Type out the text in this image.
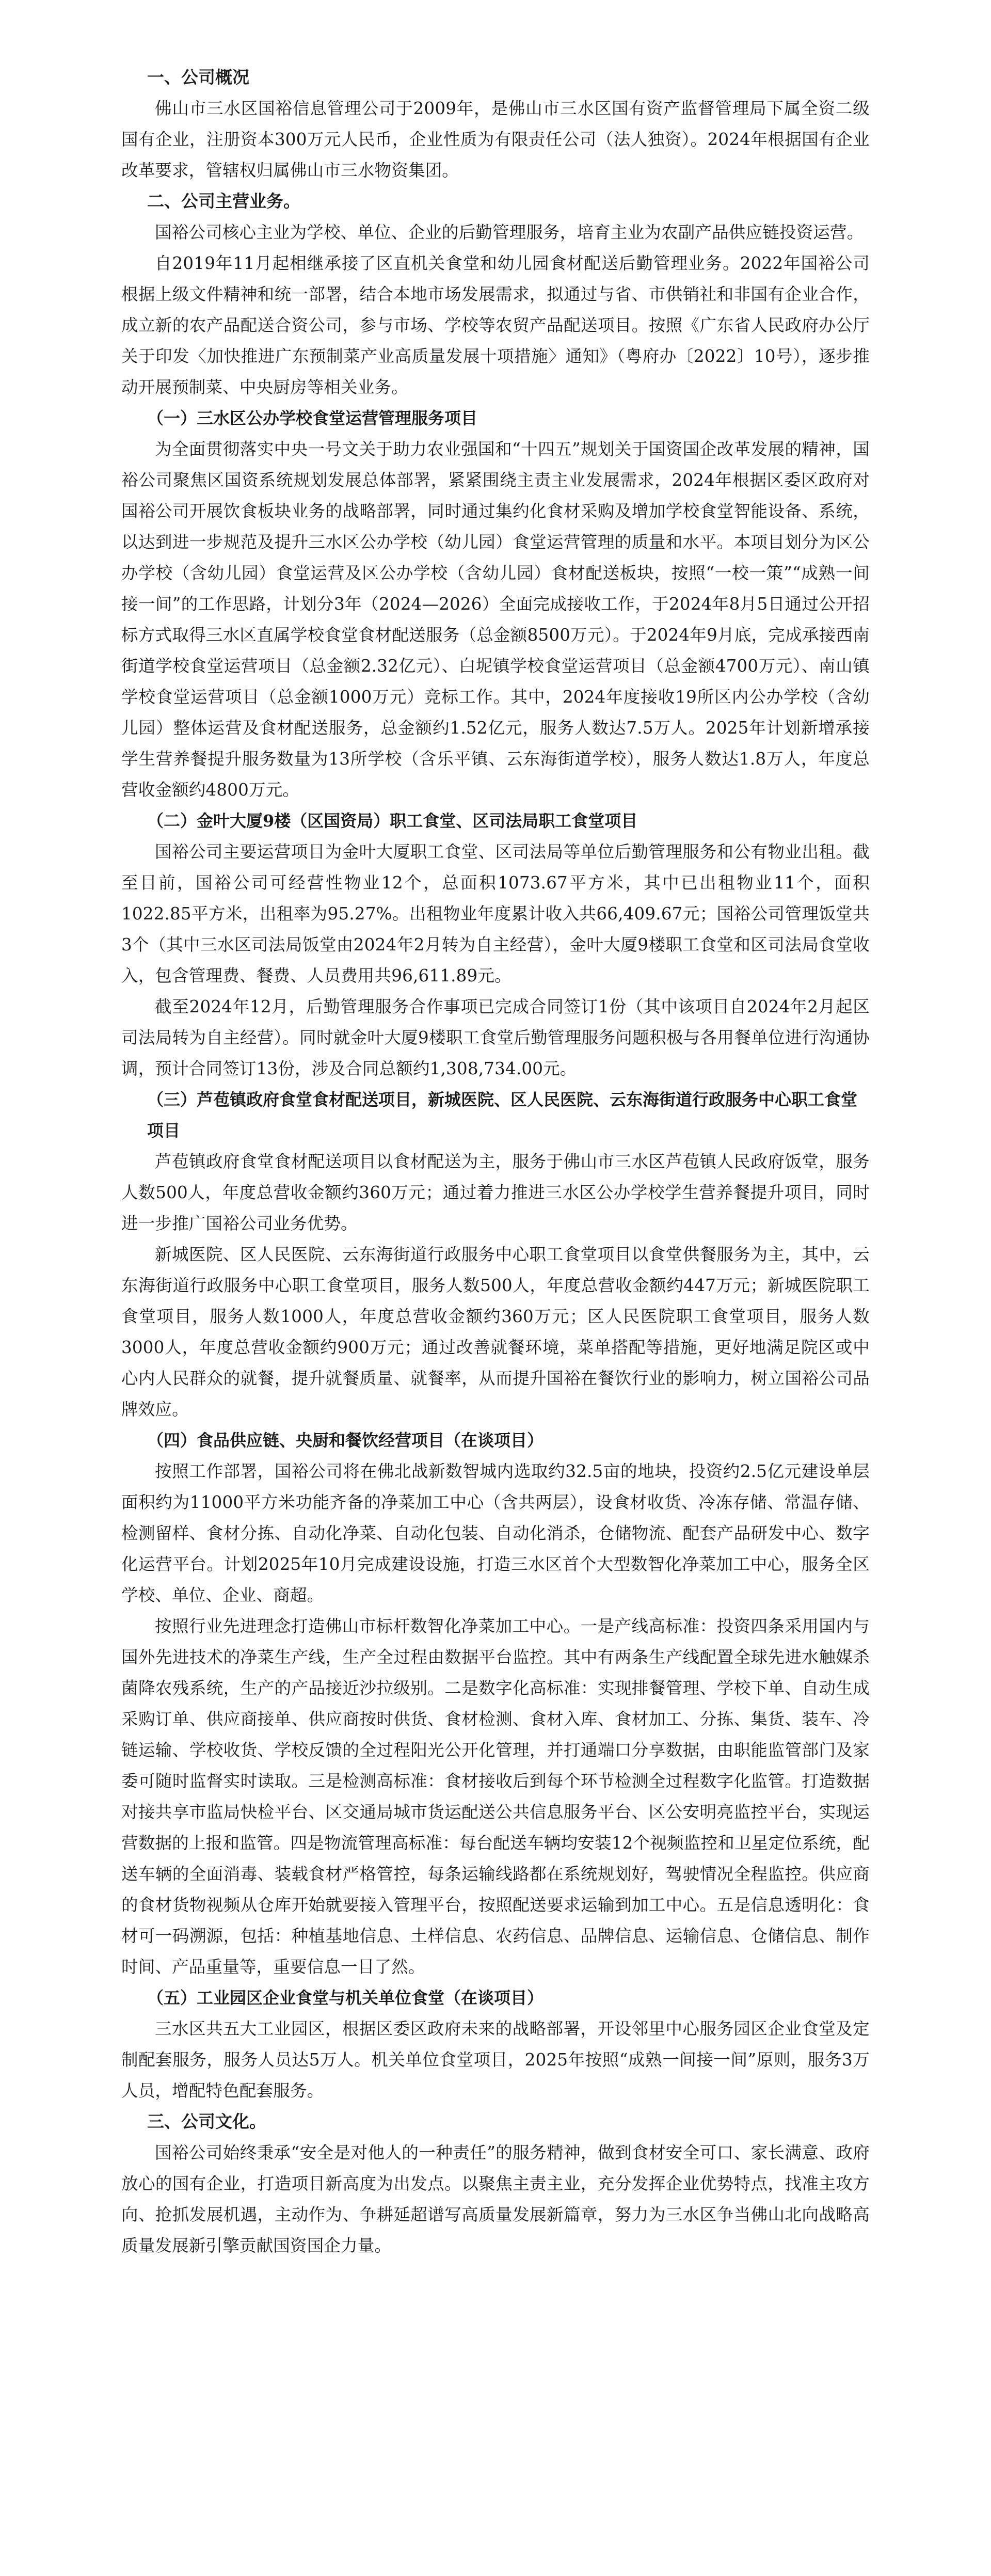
一、公司概况

佛山市三水区国裕信息管理公司于2009年，是佛山市三水区国有资产监督管理局下属全资二级国有企业，注册资本300万元人民币，企业性质为有限责任公司（法人独资）。2024年根据国有企业改革要求，管辖权归属佛山市三水物资集团。

二、公司主营业务。

国裕公司核心主业为学校、单位、企业的后勤管理服务，培育主业为农副产品供应链投资运营。

自2019年11月起相继承接了区直机关食堂和幼儿园食材配送后勤管理业务。2022年国裕公司根据上级文件精神和统一部署，结合本地市场发展需求，拟通过与省、市供销社和非国有企业合作，成立新的农产品配送合资公司，参与市场、学校等农贸产品配送项目。按照《广东省人民政府办公厅关于印发〈加快推进广东预制菜产业高质量发展十项措施〉通知》（粤府办〔2022〕10号），逐步推动开展预制菜、中央厨房等相关业务。

（一）三水区公办学校食堂运营管理服务项目

为全面贯彻落实中央一号文关于助力农业强国和“十四五”规划关于国资国企改革发展的精神，国裕公司聚焦区国资系统规划发展总体部署，紧紧围绕主责主业发展需求，2024年根据区委区政府对国裕公司开展饮食板块业务的战略部署，同时通过集约化食材采购及增加学校食堂智能设备、系统，以达到进一步规范及提升三水区公办学校（幼儿园）食堂运营管理的质量和水平。本项目划分为区公办学校（含幼儿园）食堂运营及区公办学校（含幼儿园）食材配送板块，按照“一校一策”“成熟一间接一间”的工作思路，计划分3年（2024—2026）全面完成接收工作，于2024年8月5日通过公开招标方式取得三水区直属学校食堂食材配送服务（总金额8500万元）。于2024年9月底，完成承接西南街道学校食堂运营项目（总金额2.32亿元）、白坭镇学校食堂运营项目（总金额4700万元）、南山镇学校食堂运营项目（总金额1000万元）竞标工作。其中，2024年度接收19所区内公办学校（含幼儿园）整体运营及食材配送服务，总金额约1.52亿元，服务人数达7.5万人。2025年计划新增承接学生营养餐提升服务数量为13所学校（含乐平镇、云东海街道学校），服务人数达1.8万人，年度总营收金额约4800万元。

（二）金叶大厦9楼（区国资局）职工食堂、区司法局职工食堂项目

国裕公司主要运营项目为金叶大厦职工食堂、区司法局等单位后勤管理服务和公有物业出租。截至目前，国裕公司可经营性物业12个，总面积1073.67平方米，其中已出租物业11个，面积1022.85平方米，出租率为95.27%。出租物业年度累计收入共66,409.67元；国裕公司管理饭堂共3个（其中三水区司法局饭堂由2024年2月转为自主经营），金叶大厦9楼职工食堂和区司法局食堂收入，包含管理费、餐费、人员费用共96,611.89元。

截至2024年12月，后勤管理服务合作事项已完成合同签订1份（其中该项目自2024年2月起区司法局转为自主经营）。同时就金叶大厦9楼职工食堂后勤管理服务问题积极与各用餐单位进行沟通协调，预计合同签订13份，涉及合同总额约1,308,734.00元。

（三）芦苞镇政府食堂食材配送项目，新城医院、区人民医院、云东海街道行政服务中心职工食堂项目

芦苞镇政府食堂食材配送项目以食材配送为主，服务于佛山市三水区芦苞镇人民政府饭堂，服务人数500人，年度总营收金额约360万元；通过着力推进三水区公办学校学生营养餐提升项目，同时进一步推广国裕公司业务优势。

新城医院、区人民医院、云东海街道行政服务中心职工食堂项目以食堂供餐服务为主，其中，云东海街道行政服务中心职工食堂项目，服务人数500人，年度总营收金额约447万元；新城医院职工食堂项目，服务人数1000人，年度总营收金额约360万元；区人民医院职工食堂项目，服务人数3000人，年度总营收金额约900万元；通过改善就餐环境，菜单搭配等措施，更好地满足院区或中心内人民群众的就餐，提升就餐质量、就餐率，从而提升国裕在餐饮行业的影响力，树立国裕公司品牌效应。

（四）食品供应链、央厨和餐饮经营项目（在谈项目）

按照工作部署，国裕公司将在佛北战新数智城内选取约32.5亩的地块，投资约2.5亿元建设单层面积约为11000平方米功能齐备的净菜加工中心（含共两层），设食材收货、冷冻存储、常温存储、检测留样、食材分拣、自动化净菜、自动化包装、自动化消杀，仓储物流、配套产品研发中心、数字化运营平台。计划2025年10月完成建设设施，打造三水区首个大型数智化净菜加工中心，服务全区学校、单位、企业、商超。

按照行业先进理念打造佛山市标杆数智化净菜加工中心。一是产线高标准：投资四条采用国内与国外先进技术的净菜生产线，生产全过程由数据平台监控。其中有两条生产线配置全球先进水触媒杀菌降农残系统，生产的产品接近沙拉级别。二是数字化高标准：实现排餐管理、学校下单、自动生成采购订单、供应商接单、供应商按时供货、食材检测、食材入库、食材加工、分拣、集货、装车、冷链运输、学校收货、学校反馈的全过程阳光公开化管理，并打通端口分享数据，由职能监管部门及家委可随时监督实时读取。三是检测高标准：食材接收后到每个环节检测全过程数字化监管。打造数据对接共享市监局快检平台、区交通局城市货运配送公共信息服务平台、区公安明亮监控平台，实现运营数据的上报和监管。四是物流管理高标准：每台配送车辆均安装12个视频监控和卫星定位系统，配送车辆的全面消毒、装载食材严格管控，每条运输线路都在系统规划好，驾驶情况全程监控。供应商的食材货物视频从仓库开始就要接入管理平台，按照配送要求运输到加工中心。五是信息透明化：食材可一码溯源，包括：种植基地信息、土样信息、农药信息、品牌信息、运输信息、仓储信息、制作时间、产品重量等，重要信息一目了然。

（五）工业园区企业食堂与机关单位食堂（在谈项目）

三水区共五大工业园区，根据区委区政府未来的战略部署，开设邻里中心服务园区企业食堂及定制配套服务，服务人员达5万人。机关单位食堂项目，2025年按照“成熟一间接一间”原则，服务3万人员，增配特色配套服务。

三、公司文化。

国裕公司始终秉承“安全是对他人的一种责任”的服务精神，做到食材安全可口、家长满意、政府放心的国有企业，打造项目新高度为出发点。以聚焦主责主业，充分发挥企业优势特点，找准主攻方向、抢抓发展机遇，主动作为、争耕延超谱写高质量发展新篇章，努力为三水区争当佛山北向战略高质量发展新引擎贡献国资国企力量。
